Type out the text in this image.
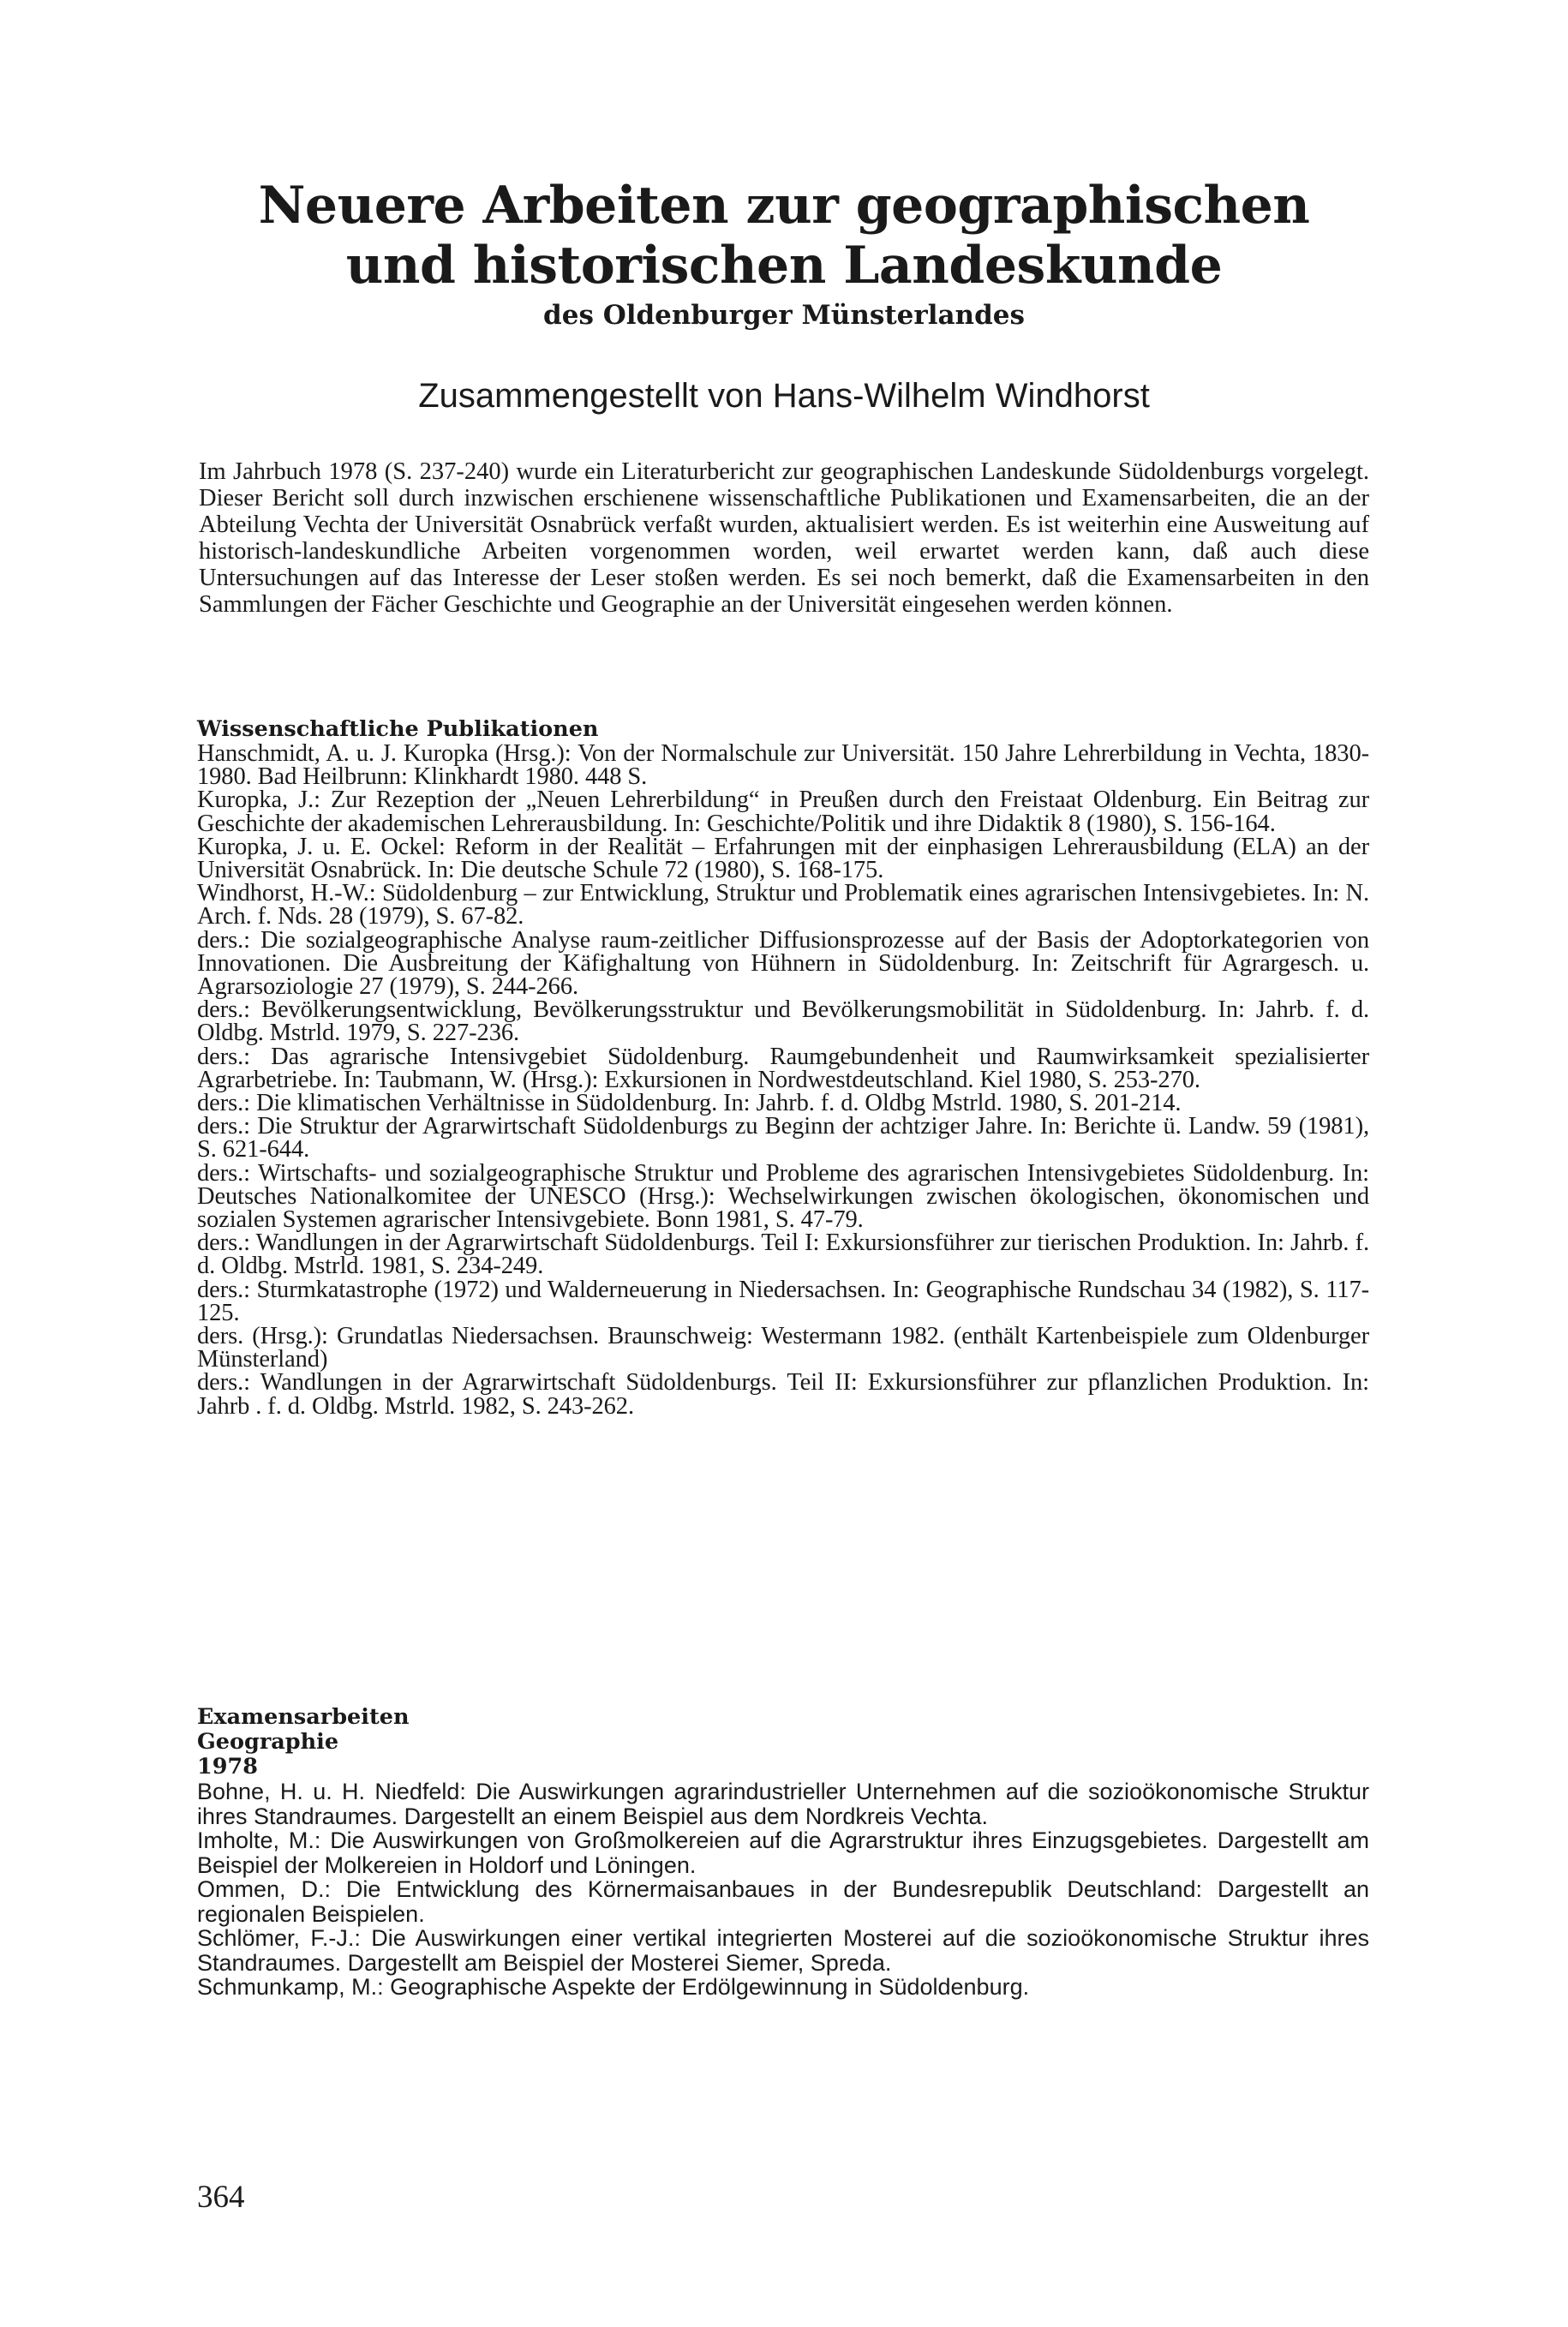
Neuere Arbeiten zur geographischen
und historischen Landeskunde
des Oldenburger Münsterlandes
Zusammengestellt von Hans-Wilhelm Windhorst

Im Jahrbuch 1978 (S. 237-240) wurde ein Literaturbericht zur geographischen Landeskunde Südoldenburgs vorgelegt. Dieser Bericht soll durch inzwischen erschienene wissenschaftliche Publikationen und Examensarbeiten, die an der Abteilung Vechta der Universität Osnabrück verfaßt wurden, aktualisiert werden. Es ist weiterhin eine Ausweitung auf historisch-landeskundliche Arbeiten vorgenommen worden, weil erwartet werden kann, daß auch diese Untersuchungen auf das Interesse der Leser stoßen werden. Es sei noch bemerkt, daß die Examensarbeiten in den Sammlungen der Fächer Geschichte und Geographie an der Universität eingesehen werden können.

Wissenschaftliche Publikationen

Hanschmidt, A. u. J. Kuropka (Hrsg.): Von der Normalschule zur Universität. 150 Jahre Lehrerbildung in Vechta, 1830-1980. Bad Heilbrunn: Klinkhardt 1980. 448 S.

Kuropka, J.: Zur Rezeption der „Neuen Lehrerbildung“ in Preußen durch den Freistaat Oldenburg. Ein Beitrag zur Geschichte der akademischen Lehrerausbildung. In: Geschichte/Politik und ihre Didaktik 8 (1980), S. 156-164.

Kuropka, J. u. E. Ockel: Reform in der Realität – Erfahrungen mit der einphasigen Lehrerausbildung (ELA) an der Universität Osnabrück. In: Die deutsche Schule 72 (1980), S. 168-175.

Windhorst, H.-W.: Südoldenburg – zur Entwicklung, Struktur und Problematik eines agrarischen Intensivgebietes. In: N. Arch. f. Nds. 28 (1979), S. 67-82.

ders.: Die sozialgeographische Analyse raum-zeitlicher Diffusionsprozesse auf der Basis der Adoptorkategorien von Innovationen. Die Ausbreitung der Käfighaltung von Hühnern in Südoldenburg. In: Zeitschrift für Agrargesch. u. Agrarsoziologie 27 (1979), S. 244-266.

ders.: Bevölkerungsentwicklung, Bevölkerungsstruktur und Bevölkerungsmobilität in Südoldenburg. In: Jahrb. f. d. Oldbg. Mstrld. 1979, S. 227-236.

ders.: Das agrarische Intensivgebiet Südoldenburg. Raumgebundenheit und Raumwirksamkeit spezialisierter Agrarbetriebe. In: Taubmann, W. (Hrsg.): Exkursionen in Nordwestdeutschland. Kiel 1980, S. 253-270.

ders.: Die klimatischen Verhältnisse in Südoldenburg. In: Jahrb. f. d. Oldbg Mstrld. 1980, S. 201-214.

ders.: Die Struktur der Agrarwirtschaft Südoldenburgs zu Beginn der achtziger Jahre. In: Berichte ü. Landw. 59 (1981), S. 621-644.

ders.: Wirtschafts- und sozialgeographische Struktur und Probleme des agrarischen Intensivgebietes Südoldenburg. In: Deutsches Nationalkomitee der UNESCO (Hrsg.): Wechselwirkungen zwischen ökologischen, ökonomischen und sozialen Systemen agrarischer Intensivgebiete. Bonn 1981, S. 47-79.

ders.: Wandlungen in der Agrarwirtschaft Südoldenburgs. Teil I: Exkursionsführer zur tierischen Produktion. In: Jahrb. f. d. Oldbg. Mstrld. 1981, S. 234-249.

ders.: Sturmkatastrophe (1972) und Walderneuerung in Niedersachsen. In: Geographische Rundschau 34 (1982), S. 117-125.

ders. (Hrsg.): Grundatlas Niedersachsen. Braunschweig: Westermann 1982. (enthält Kartenbeispiele zum Oldenburger Münsterland)

ders.: Wandlungen in der Agrarwirtschaft Südoldenburgs. Teil II: Exkursionsführer zur pflanzlichen Produktion. In: Jahrb . f. d. Oldbg. Mstrld. 1982, S. 243-262.

Examensarbeiten

Geographie

1978

Bohne, H. u. H. Niedfeld: Die Auswirkungen agrarindustrieller Unternehmen auf die sozioökonomische Struktur ihres Standraumes. Dargestellt an einem Beispiel aus dem Nordkreis Vechta.

Imholte, M.: Die Auswirkungen von Großmolkereien auf die Agrarstruktur ihres Einzugsgebietes. Dargestellt am Beispiel der Molkereien in Holdorf und Löningen.

Ommen, D.: Die Entwicklung des Körnermaisanbaues in der Bundesrepublik Deutschland: Dargestellt an regionalen Beispielen.

Schlömer, F.-J.: Die Auswirkungen einer vertikal integrierten Mosterei auf die sozioökonomische Struktur ihres Standraumes. Dargestellt am Beispiel der Mosterei Siemer, Spreda.

Schmunkamp, M.: Geographische Aspekte der Erdölgewinnung in Südoldenburg.

364
